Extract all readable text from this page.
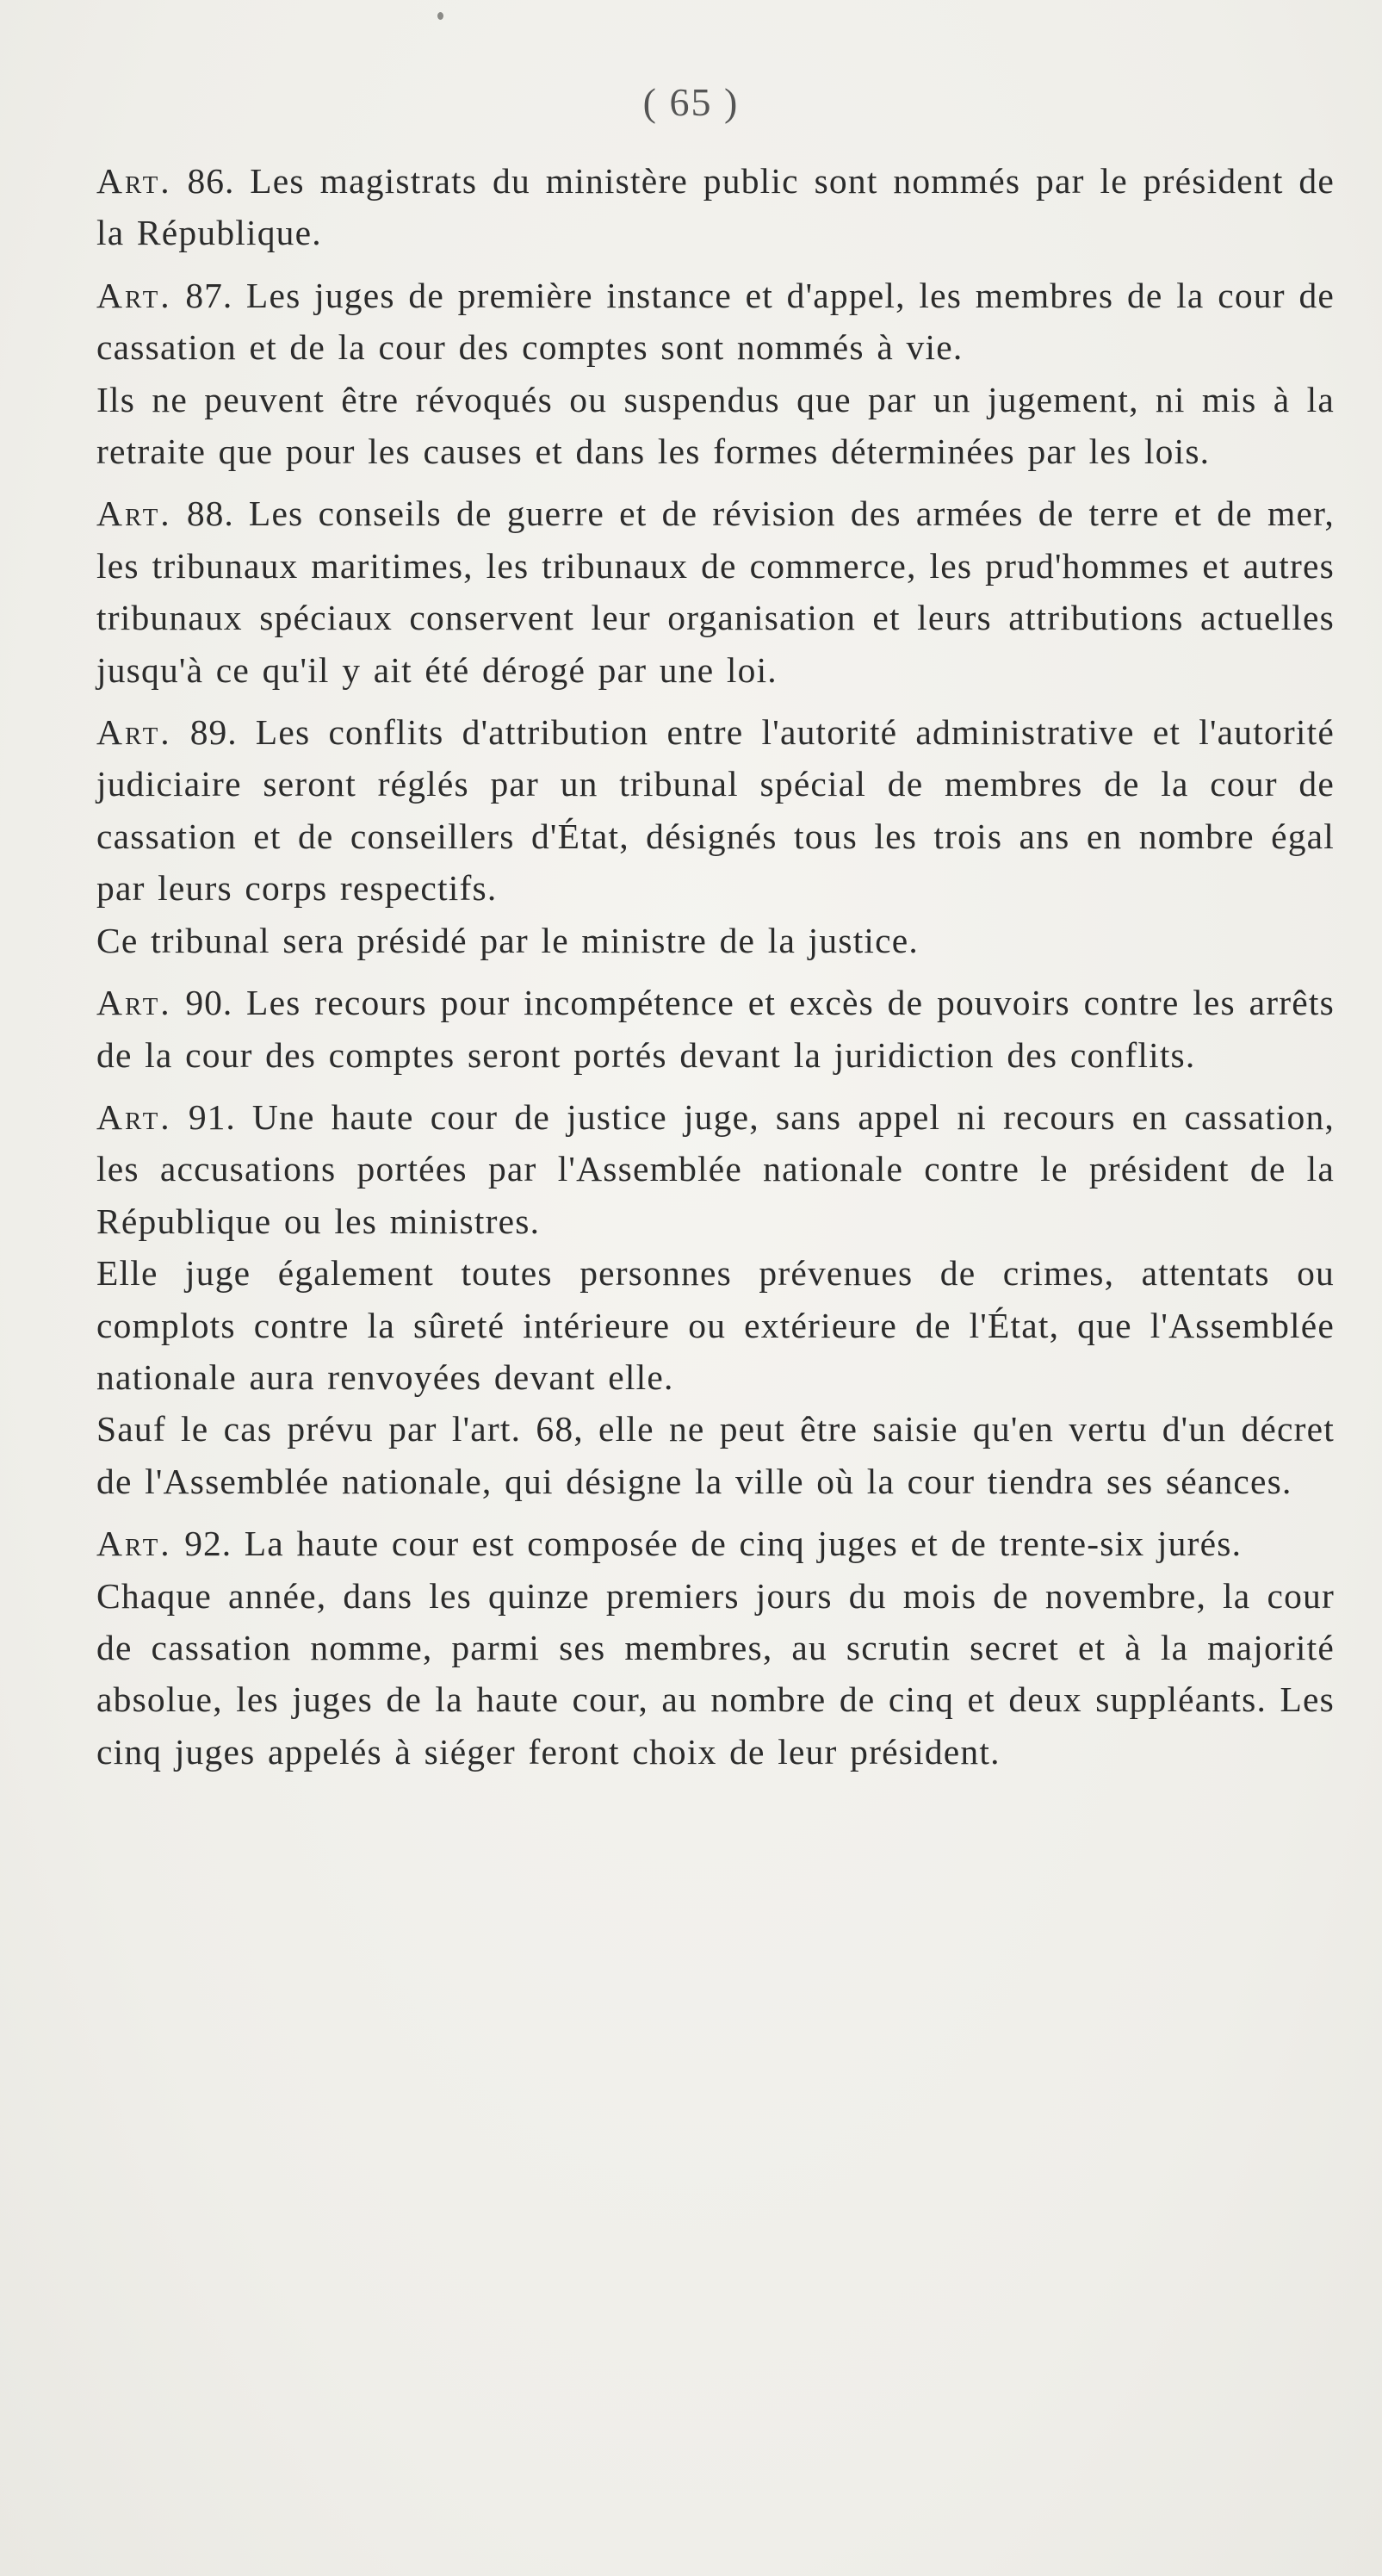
( 65 )

Art. 86. Les magistrats du ministère public sont nommés par le président de la République.

Art. 87. Les juges de première instance et d'appel, les membres de la cour de cassation et de la cour des comptes sont nommés à vie.

Ils ne peuvent être révoqués ou suspendus que par un jugement, ni mis à la retraite que pour les causes et dans les formes déterminées par les lois.

Art. 88. Les conseils de guerre et de révision des armées de terre et de mer, les tribunaux maritimes, les tribunaux de commerce, les prud'hommes et autres tribunaux spéciaux conservent leur organisation et leurs attributions actuelles jusqu'à ce qu'il y ait été dérogé par une loi.

Art. 89. Les conflits d'attribution entre l'autorité administrative et l'autorité judiciaire seront réglés par un tribunal spécial de membres de la cour de cassation et de conseillers d'État, désignés tous les trois ans en nombre égal par leurs corps respectifs.

Ce tribunal sera présidé par le ministre de la justice.

Art. 90. Les recours pour incompétence et excès de pouvoirs contre les arrêts de la cour des comptes seront portés devant la juridiction des conflits.

Art. 91. Une haute cour de justice juge, sans appel ni recours en cassation, les accusations portées par l'Assemblée nationale contre le président de la République ou les ministres.

Elle juge également toutes personnes prévenues de crimes, attentats ou complots contre la sûreté intérieure ou extérieure de l'État, que l'Assemblée nationale aura renvoyées devant elle.

Sauf le cas prévu par l'art. 68, elle ne peut être saisie qu'en vertu d'un décret de l'Assemblée nationale, qui désigne la ville où la cour tiendra ses séances.

Art. 92. La haute cour est composée de cinq juges et de trente-six jurés.

Chaque année, dans les quinze premiers jours du mois de novembre, la cour de cassation nomme, parmi ses membres, au scrutin secret et à la majorité absolue, les juges de la haute cour, au nombre de cinq et deux suppléants. Les cinq juges appelés à siéger feront choix de leur président.
